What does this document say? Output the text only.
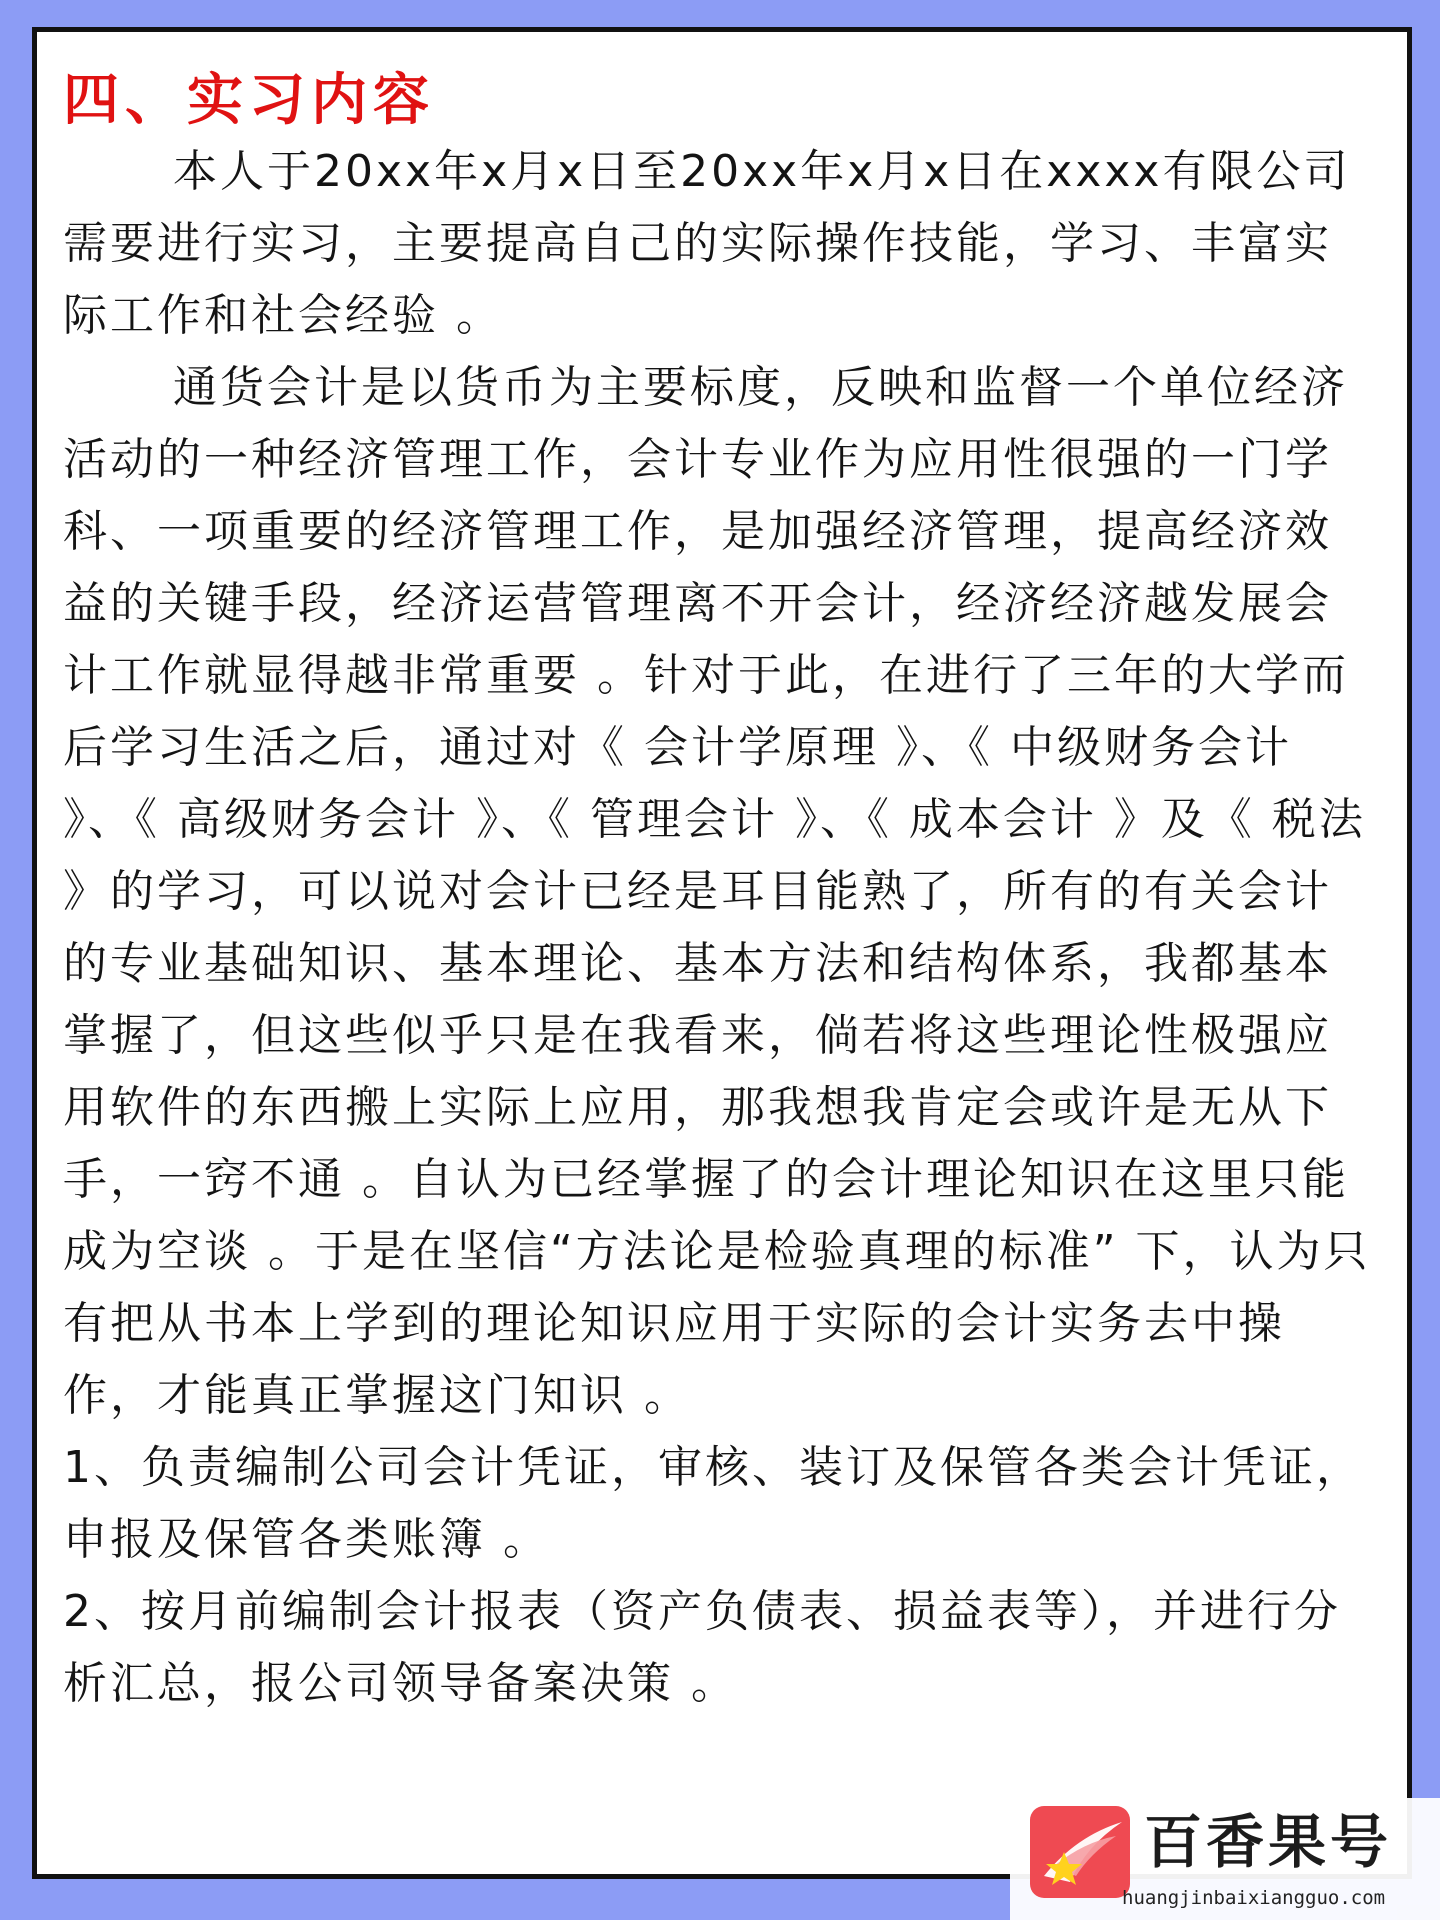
四、实习内容

本人于20xx年x月x日至20xx年x月x日在xxxx有限公司需要进行实习，主要提高自己的实际操作技能，学习、丰富实际工作和社会经验 。

通货会计是以货币为主要标度，反映和监督一个单位经济活动的一种经济管理工作，会计专业作为应用性很强的一门学科、一项重要的经济管理工作，是加强经济管理，提高经济效益的关键手段，经济运营管理离不开会计，经济经济越发展会计工作就显得越非常重要 。针对于此，在进行了三年的大学而后学习生活之后，通过对《 会计学原理 》、《 中级财务会计 》、《 高级财务会计 》、《 管理会计 》、《 成本会计 》及《 税法 》的学习，可以说对会计已经是耳目能熟了，所有的有关会计的专业基础知识、基本理论、基本方法和结构体系，我都基本掌握了，但这些似乎只是在我看来，倘若将这些理论性极强应用软件的东西搬上实际上应用，那我想我肯定会或许是无从下手，一窍不通 。自认为已经掌握了的会计理论知识在这里只能成为空谈 。于是在坚信“方法论是检验真理的标准” 下，认为只有把从书本上学到的理论知识应用于实际的会计实务去中操作，才能真正掌握这门知识 。

1、负责编制公司会计凭证，审核、装订及保管各类会计凭证，申报及保管各类账簿 。

2、按月前编制会计报表（资产负债表、损益表等），并进行分析汇总，报公司领导备案决策 。

百香果号
huangjinbaixiangguo.com
